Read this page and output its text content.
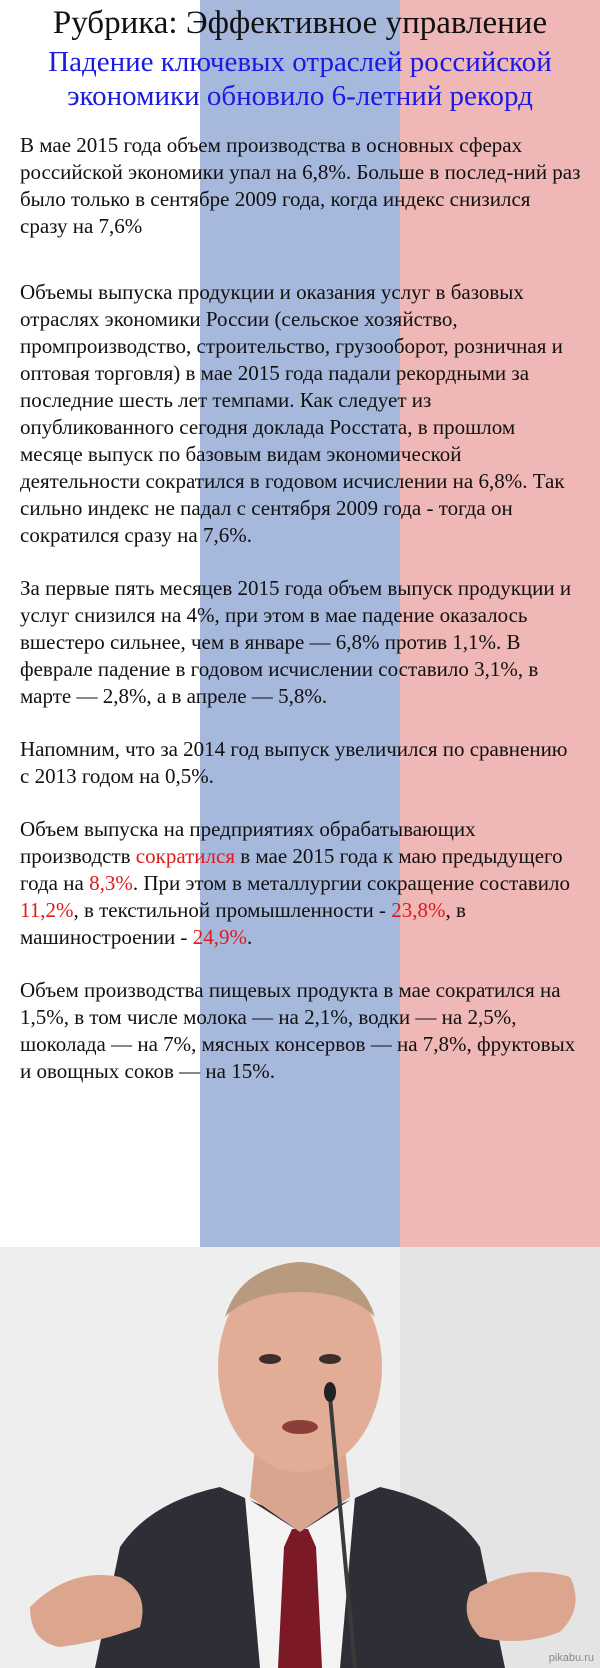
Рубрика: Эффективное управление
Падение ключевых отраслей российской
экономики обновило 6-летний рекорд

В мае 2015 года объем производства в основных сферах российской экономики упал на 6,8%. Больше в послед-ний раз было только в сентябре 2009 года, когда индекс снизился сразу на 7,6%

Объемы выпуска продукции и оказания услуг в базовых отраслях экономики России (сельское хозяйство, промпроизводство, строительство, грузооборот, розничная и оптовая торговля) в мае 2015 года падали рекордными за последние шесть лет темпами. Как следует из опубликованного сегодня доклада Росстата, в прошлом месяце выпуск по базовым видам экономической деятельности сократился в годовом исчислении на 6,8%. Так сильно индекс не падал с сентября 2009 года - тогда он сократился сразу на 7,6%.

За первые пять месяцев 2015 года объем выпуск продукции и услуг снизился на 4%, при этом в мае падение оказалось вшестеро сильнее, чем в январе — 6,8% против 1,1%. В феврале падение в годовом исчислении составило 3,1%, в марте — 2,8%, а в апреле — 5,8%.

Напомним, что за 2014 год выпуск увеличился по сравнению с 2013 годом на 0,5%.

Объем выпуска на предприятиях обрабатывающих производств сократился в мае 2015 года к маю предыдущего года на 8,3%. При этом в металлургии сокращение составило 11,2%, в текстильной промышленности - 23,8%, в машиностроении - 24,9%.

Объем производства пищевых продукта в мае сократился на 1,5%, в том числе молока — на 2,1%, водки — на 2,5%, шоколада — на 7%, мясных консервов — на 7,8%, фруктовых и овощных соков — на 15%.

pikabu.ru
